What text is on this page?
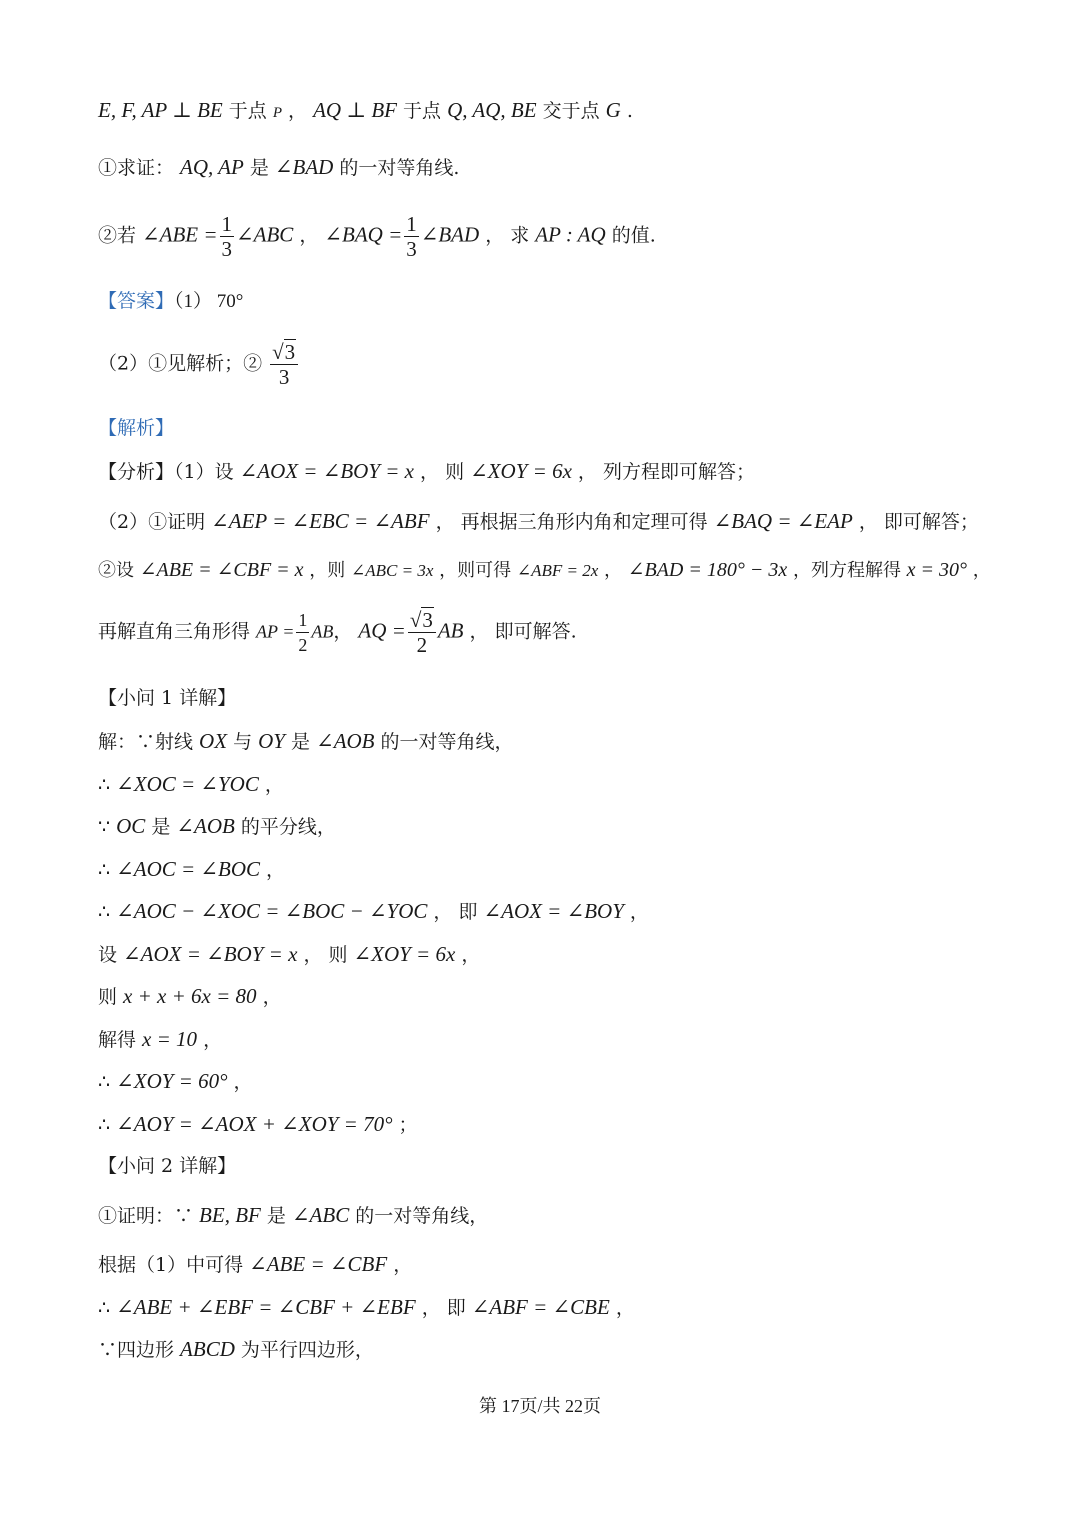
E, F, AP ⊥ BE 于点 P ， AQ ⊥ BF 于点 Q, AQ, BE 交于点 G .
①求证： AQ, AP 是 ∠BAD 的一对等角线.
②若 ∠ABE = $\frac{1}{3}$ ∠ABC ， ∠BAQ = $\frac{1}{3}$ ∠BAD ， 求 AP : AQ 的值.
【答案】（1） 70°
（2）①见解析；② $\frac{√3}{3}$
【解析】
【分析】（1）设 ∠AOX = ∠BOY = x ， 则 ∠XOY = 6x ， 列方程即可解答；
（2）①证明 ∠AEP = ∠EBC = ∠ABF ， 再根据三角形内角和定理可得 ∠BAQ = ∠EAP ， 即可解答；
②设 ∠ABE = ∠CBF = x ，则 ∠ABC = 3x ，则可得 ∠ABF = 2x ， ∠BAD = 180° − 3x ，列方程解得 x = 30° ，
再解直角三角形得 AP = $\frac{1}{2}$ AB， AQ = $\frac{√3}{2}$ AB ， 即可解答.
【小问 1 详解】
解：∵射线 OX 与 OY 是 ∠AOB 的一对等角线，
∴ ∠XOC = ∠YOC ，
∵ OC 是 ∠AOB 的平分线，
∴ ∠AOC = ∠BOC ，
∴ ∠AOC − ∠XOC = ∠BOC − ∠YOC ， 即 ∠AOX = ∠BOY ，
设 ∠AOX = ∠BOY = x ， 则 ∠XOY = 6x ，
则 x + x + 6x = 80 ，
解得 x = 10 ，
∴ ∠XOY = 60° ，
∴ ∠AOY = ∠AOX + ∠XOY = 70° ；
【小问 2 详解】
①证明：∵ BE, BF 是 ∠ABC 的一对等角线，
根据（1）中可得 ∠ABE = ∠CBF ，
∴ ∠ABE + ∠EBF = ∠CBF + ∠EBF ， 即 ∠ABF = ∠CBE ，
∵四边形 ABCD 为平行四边形，
第 17页/共 22页
